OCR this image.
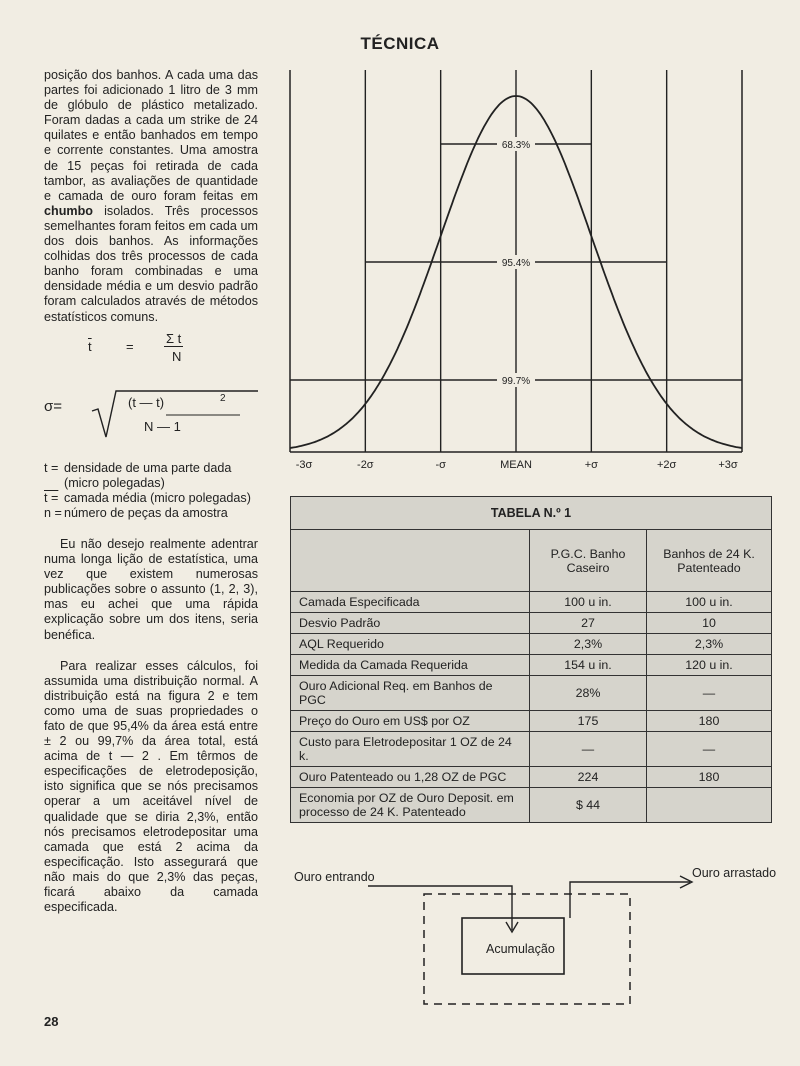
TÉCNICA

posição dos banhos. A cada uma das partes foi adicionado 1 litro de 3 mm de glóbulo de plástico metalizado. Foram dadas a cada um strike de 24 quilates e então banhados em tempo e corrente constantes. Uma amostra de 15 peças foi retirada de cada tambor, as avaliações de quantidade e camada de ouro foram feitas em chumbo isolados. Três processos semelhantes foram feitos em cada um dos dois banhos. As informações colhidas dos três processos de cada banho foram combinadas e uma densidade média e um desvio padrão foram calculados através de métodos estatísticos comuns.

$\overline{t}$	=
Σ t
N
σ=	(t — t)	2
N — 1
t = densidade de uma parte dada (micro polegadas)
t = camada média (micro polegadas)
n = número de peças da amostra

Eu não desejo realmente adentrar numa longa lição de estatística, uma vez que existem numerosas publicações sobre o assunto (1, 2, 3), mas eu achei que uma rápida explicação sobre um dos itens, seria benéfica.

Para realizar esses cálculos, foi assumida uma distribuição normal. A distribuição está na figura 2 e tem como uma de suas propriedades o fato de que 95,4% da área está entre ± 2 ou 99,7% da área total, está acima de t — 2 . Em têrmos de especificações de eletrodeposição, isto significa que se nós precisamos operar a um aceitável nível de qualidade que se diria 2,3%, então nós precisamos eletrodepositar uma camada que está 2 acima da especificação. Isto assegurará que não mais do que 2,3% das peças, ficará abaixo da camada especificada.

28
68.3%
95.4%
99.7%
-3σ	-2σ	-σ	MEAN	+σ	+2σ	+3σ
TABELA N.º 1		
	P.G.C. Banho Caseiro	Banhos de 24 K. Patenteado
Camada Especificada	100 u in.	100 u in.
Desvio Padrão	27	10
AQL Requerido	2,3%	2,3%
Medida da Camada Requerida	154 u in.	120 u in.
Ouro Adicional Req. em Banhos de PGC	28%	—
Preço do Ouro em US$ por OZ	175	180
Custo para Eletrodepositar 1 OZ de 24 k.	—	—
Ouro Patenteado ou 1,28 OZ de PGC	224	180
Economia por OZ de Ouro Deposit. em processo de 24 K. Patenteado	$ 44	
Ouro entrando	Ouro arrastado
Acumulação
